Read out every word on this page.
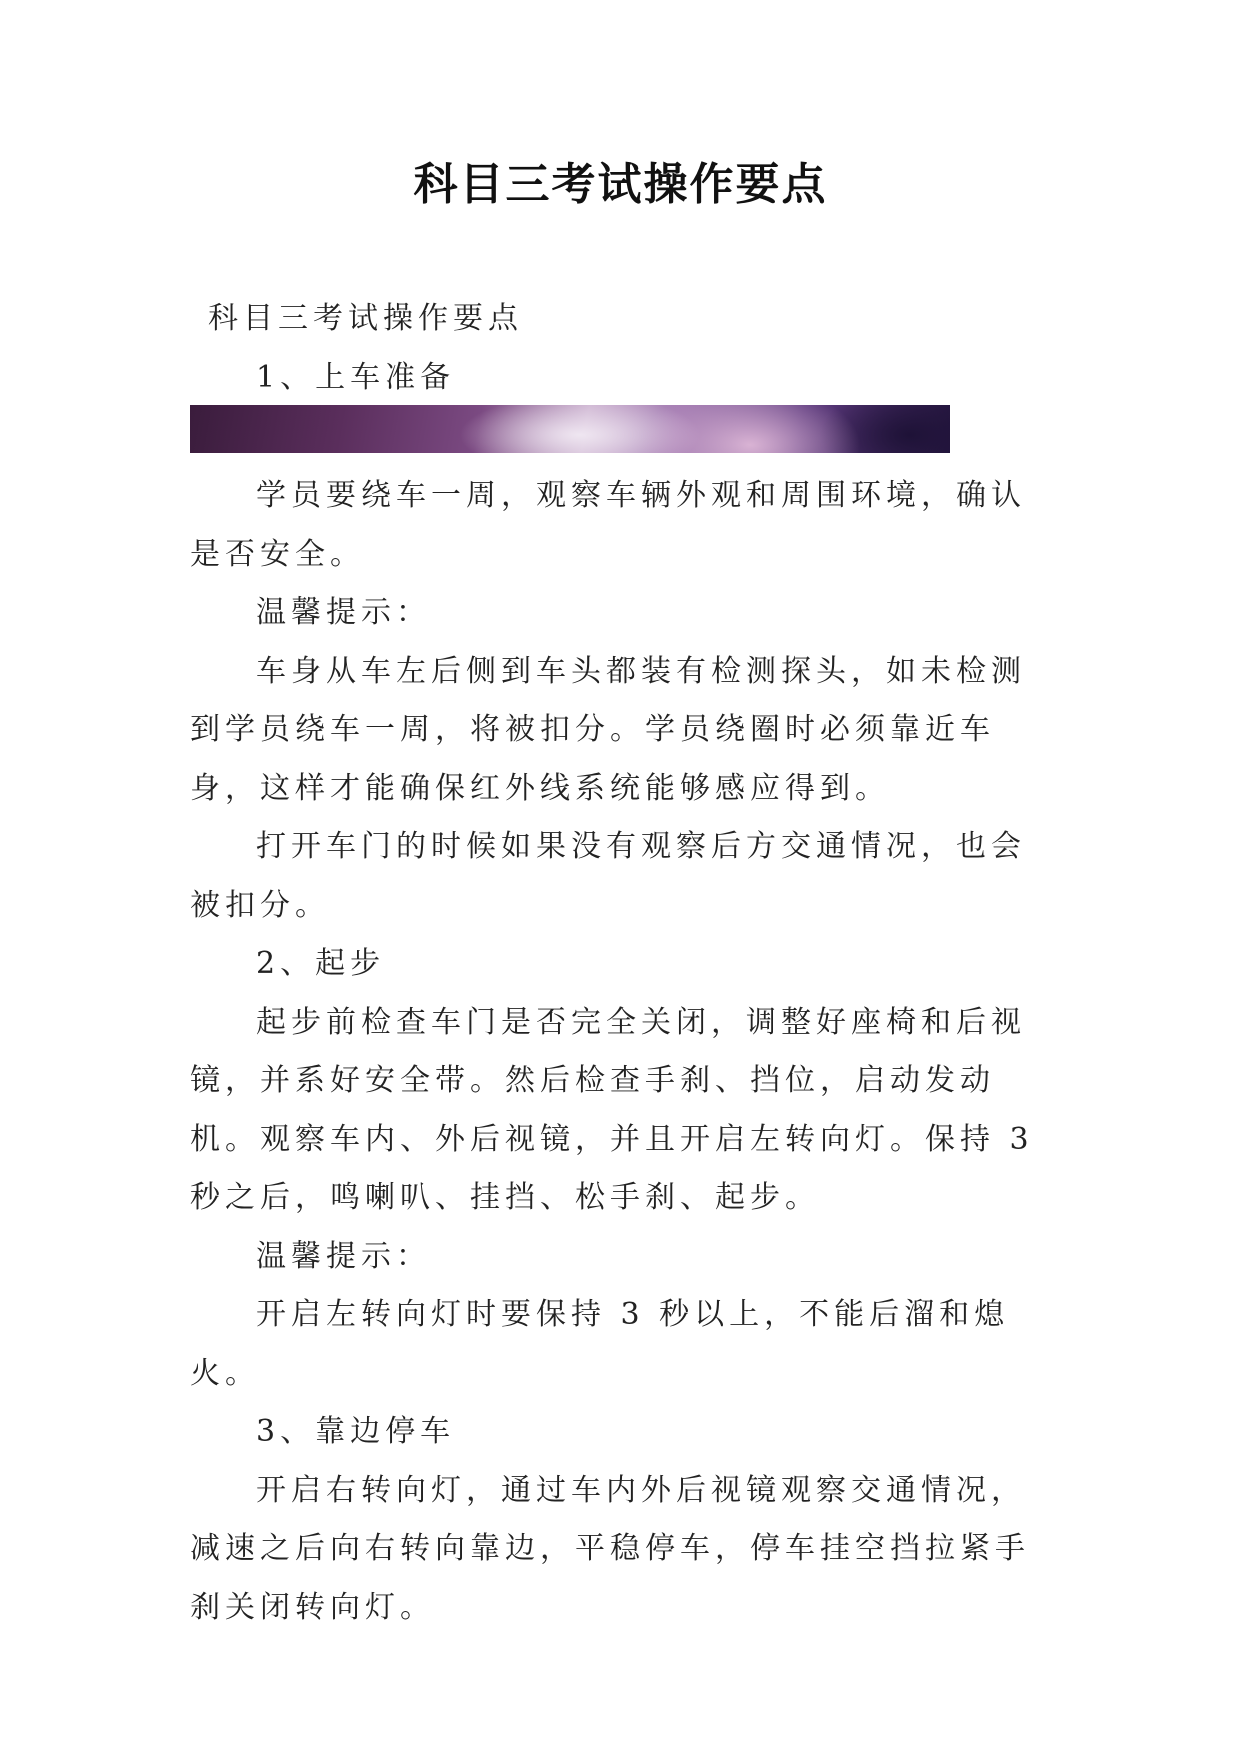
科目三考试操作要点

科目三考试操作要点

1、上车准备

学员要绕车一周，观察车辆外观和周围环境，确认是否安全。

温馨提示：

车身从车左后侧到车头都装有检测探头，如未检测到学员绕车一周，将被扣分。学员绕圈时必须靠近车身，这样才能确保红外线系统能够感应得到。

打开车门的时候如果没有观察后方交通情况，也会被扣分。

2、起步

起步前检查车门是否完全关闭，调整好座椅和后视镜，并系好安全带。然后检查手刹、挡位，启动发动机。观察车内、外后视镜，并且开启左转向灯。保持 3 秒之后，鸣喇叭、挂挡、松手刹、起步。

温馨提示：

开启左转向灯时要保持 3 秒以上，不能后溜和熄火。

3、靠边停车

开启右转向灯，通过车内外后视镜观察交通情况，减速之后向右转向靠边，平稳停车，停车挂空挡拉紧手刹关闭转向灯。
